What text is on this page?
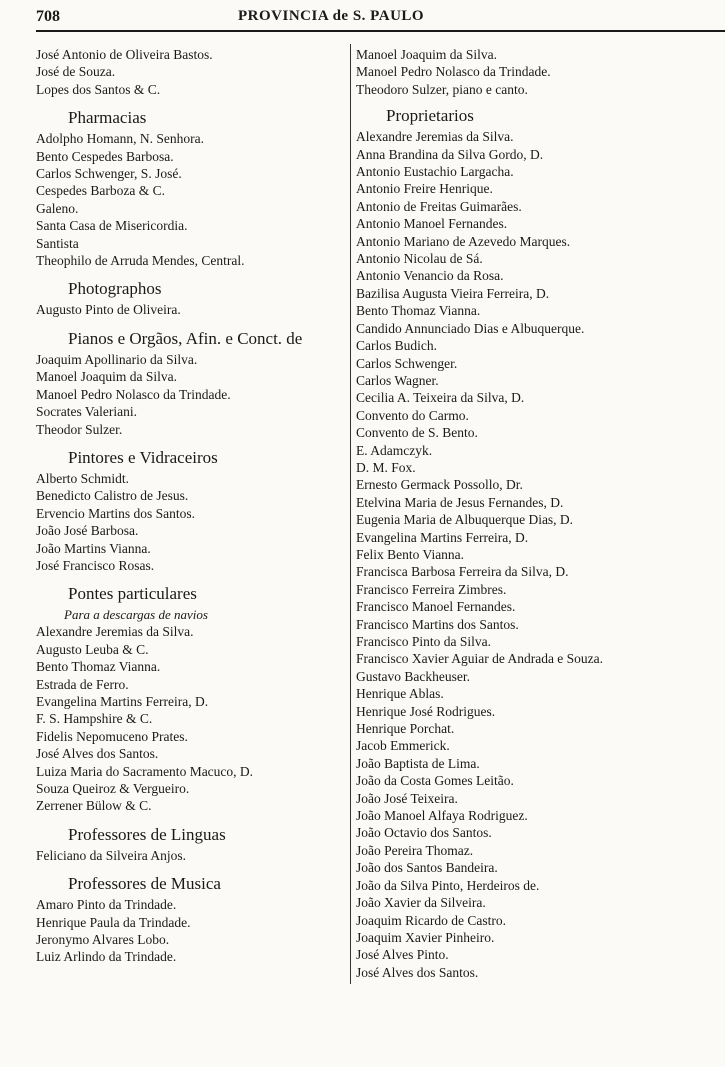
708	PROVINCIA de S. PAULO
José Antonio de Oliveira Bastos.
José de Souza.
Lopes dos Santos & C.
Pharmacias
Adolpho Homann, N. Senhora.
Bento Cespedes Barbosa.
Carlos Schwenger, S. José.
Cespedes Barboza & C.
Galeno.
Santa Casa de Misericordia.
Santista
Theophilo de Arruda Mendes, Central.
Photographos
Augusto Pinto de Oliveira.
Pianos e Orgãos, Afin. e Conct. de
Joaquim Apollinario da Silva.
Manoel Joaquim da Silva.
Manoel Pedro Nolasco da Trindade.
Socrates Valeriani.
Theodor Sulzer.
Pintores e Vidraceiros
Alberto Schmidt.
Benedicto Calistro de Jesus.
Ervencio Martins dos Santos.
João José Barbosa.
João Martins Vianna.
José Francisco Rosas.
Pontes particulares
Para a descargas de navios
Alexandre Jeremias da Silva.
Augusto Leuba & C.
Bento Thomaz Vianna.
Estrada de Ferro.
Evangelina Martins Ferreira, D.
F. S. Hampshire & C.
Fidelis Nepomuceno Prates.
José Alves dos Santos.
Luiza Maria do Sacramento Macuco, D.
Souza Queiroz & Vergueiro.
Zerrener Bülow & C.
Professores de Linguas
Feliciano da Silveira Anjos.
Professores de Musica
Amaro Pinto da Trindade.
Henrique Paula da Trindade.
Jeronymo Alvares Lobo.
Luiz Arlindo da Trindade.
Manoel Joaquim da Silva.
Manoel Pedro Nolasco da Trindade.
Theodoro Sulzer, piano e canto.
Proprietarios
Alexandre Jeremias da Silva.
Anna Brandina da Silva Gordo, D.
Antonio Eustachio Largacha.
Antonio Freire Henrique.
Antonio de Freitas Guimarães.
Antonio Manoel Fernandes.
Antonio Mariano de Azevedo Marques.
Antonio Nicolau de Sá.
Antonio Venancio da Rosa.
Bazilisa Augusta Vieira Ferreira, D.
Bento Thomaz Vianna.
Candido Annunciado Dias e Albuquerque.
Carlos Budich.
Carlos Schwenger.
Carlos Wagner.
Cecilia A. Teixeira da Silva, D.
Convento do Carmo.
Convento de S. Bento.
E. Adamczyk.
D. M. Fox.
Ernesto Germack Possollo, Dr.
Etelvina Maria de Jesus Fernandes, D.
Eugenia Maria de Albuquerque Dias, D.
Evangelina Martins Ferreira, D.
Felix Bento Vianna.
Francisca Barbosa Ferreira da Silva, D.
Francisco Ferreira Zimbres.
Francisco Manoel Fernandes.
Francisco Martins dos Santos.
Francisco Pinto da Silva.
Francisco Xavier Aguiar de Andrada e Souza.
Gustavo Backheuser.
Henrique Ablas.
Henrique José Rodrigues.
Henrique Porchat.
Jacob Emmerick.
João Baptista de Lima.
João da Costa Gomes Leitão.
João José Teixeira.
João Manoel Alfaya Rodriguez.
João Octavio dos Santos.
João Pereira Thomaz.
João dos Santos Bandeira.
João da Silva Pinto, Herdeiros de.
João Xavier da Silveira.
Joaquim Ricardo de Castro.
Joaquim Xavier Pinheiro.
José Alves Pinto.
José Alves dos Santos.
